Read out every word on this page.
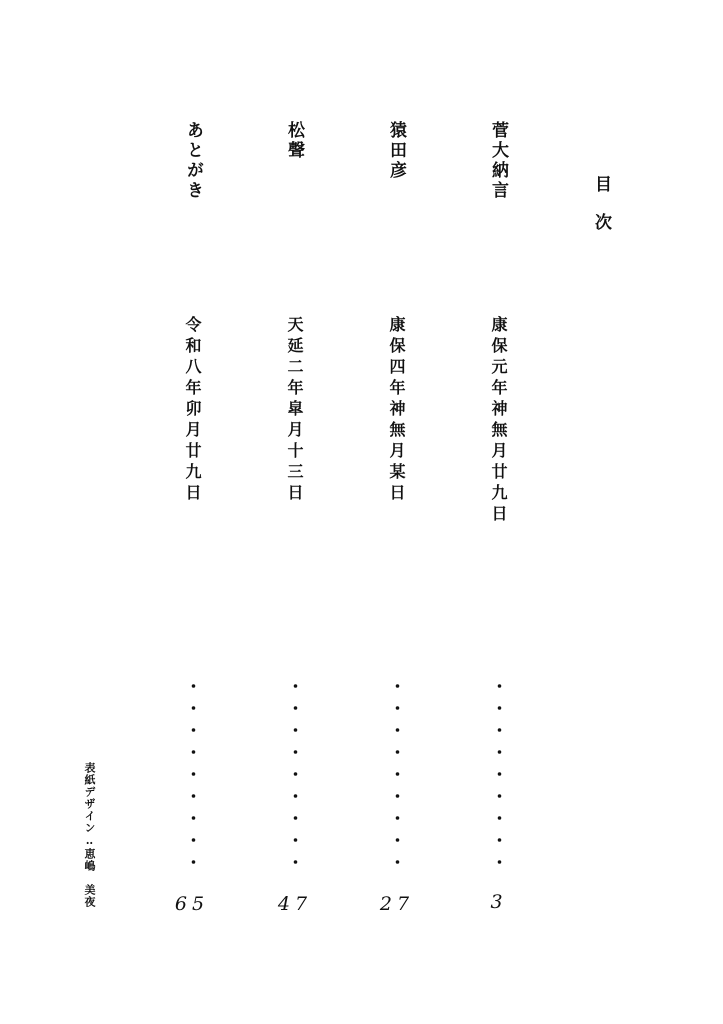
目　次
菅大納言
康保元年神無月廿九日
・・・・・・・・・
3
猿田彦
康保四年神無月某日
・・・・・・・・・
27
松聲
天延二年皐月十三日
・・・・・・・・・
47
あとがき
令和八年卯月廿九日
・・・・・・・・・
65
表紙デザイン‥恵嶋　美夜
